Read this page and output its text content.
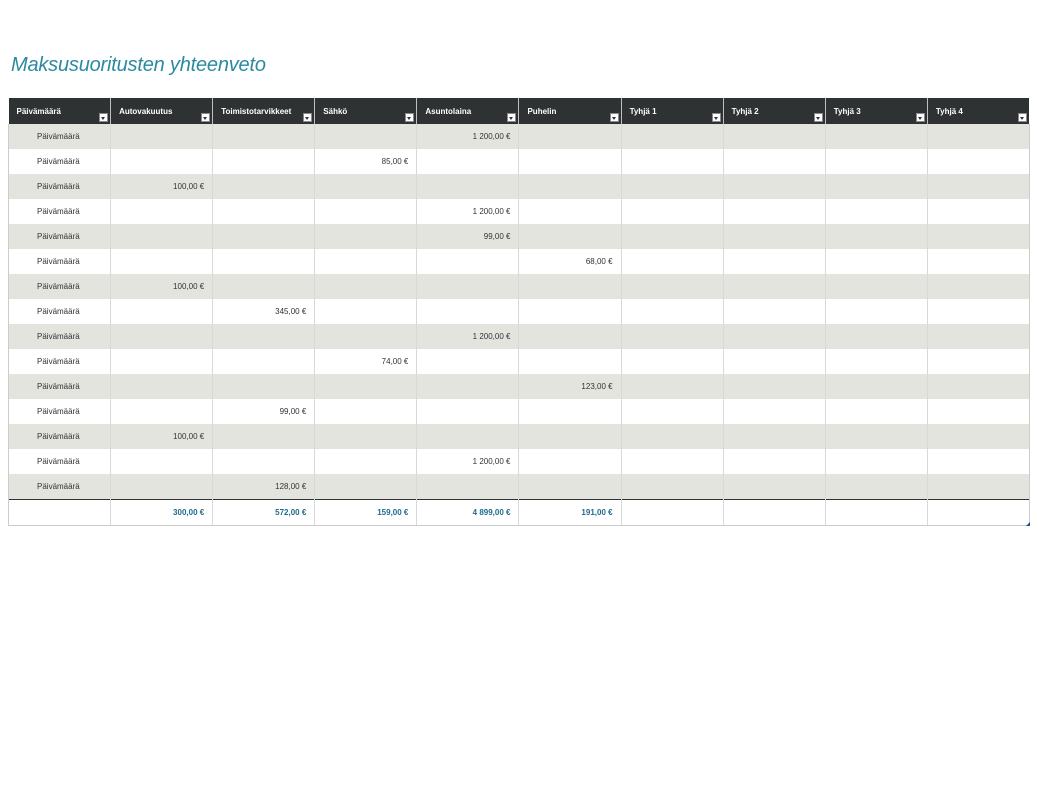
Maksusuoritusten yhteenveto
Päivämäärä	Autovakuutus	Toimistotarvikkeet	Sähkö	Asuntolaina	Puhelin	Tyhjä 1	Tyhjä 2	Tyhjä 3	Tyhjä 4

Päivämäärä				1 200,00 €					
Päivämäärä			85,00 €						
Päivämäärä	100,00 €								
Päivämäärä				1 200,00 €					
Päivämäärä				99,00 €					
Päivämäärä					68,00 €				
Päivämäärä	100,00 €								
Päivämäärä		345,00 €							
Päivämäärä				1 200,00 €					
Päivämäärä			74,00 €						
Päivämäärä					123,00 €				
Päivämäärä		99,00 €							
Päivämäärä	100,00 €								
Päivämäärä				1 200,00 €					
Päivämäärä		128,00 €							
	300,00 €	572,00 €	159,00 €	4 899,00 €	191,00 €				
